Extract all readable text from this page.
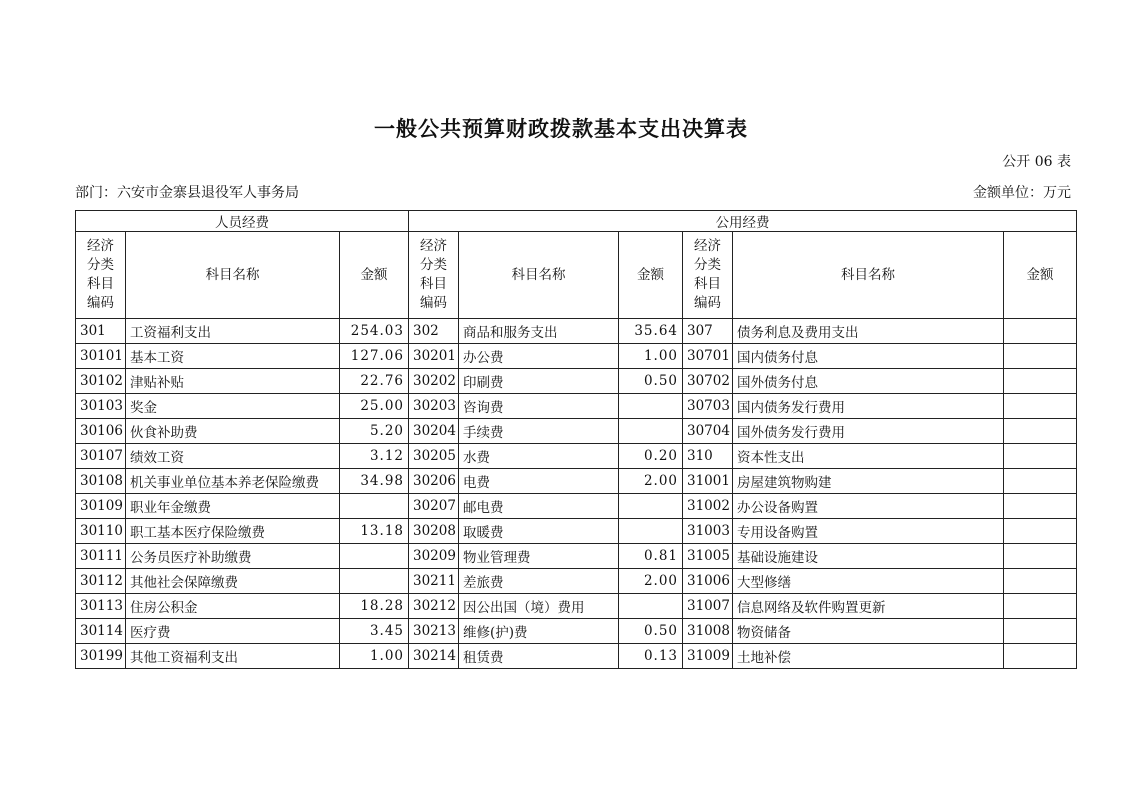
一般公共预算财政拨款基本支出决算表
公开 06 表
部门：六安市金寨县退役军人事务局	金额单位：万元
人员经费			公用经费					

经济分类科目编码	科目名称	金额	经济分类科目编码	科目名称	金额	经济分类科目编码	科目名称	金额
301	工资福利支出	254.03	302	商品和服务支出	35.64	307	债务利息及费用支出	
30101	基本工资	127.06	30201	办公费	1.00	30701	国内债务付息	
30102	津贴补贴	22.76	30202	印刷费	0.50	30702	国外债务付息	
30103	奖金	25.00	30203	咨询费		30703	国内债务发行费用	
30106	伙食补助费	5.20	30204	手续费		30704	国外债务发行费用	
30107	绩效工资	3.12	30205	水费	0.20	310	资本性支出	
30108	机关事业单位基本养老保险缴费	34.98	30206	电费	2.00	31001	房屋建筑物购建	
30109	职业年金缴费		30207	邮电费		31002	办公设备购置	
30110	职工基本医疗保险缴费	13.18	30208	取暖费		31003	专用设备购置	
30111	公务员医疗补助缴费		30209	物业管理费	0.81	31005	基础设施建设	
30112	其他社会保障缴费		30211	差旅费	2.00	31006	大型修缮	
30113	住房公积金	18.28	30212	因公出国（境）费用		31007	信息网络及软件购置更新	
30114	医疗费	3.45	30213	维修(护)费	0.50	31008	物资储备	
30199	其他工资福利支出	1.00	30214	租赁费	0.13	31009	土地补偿	
